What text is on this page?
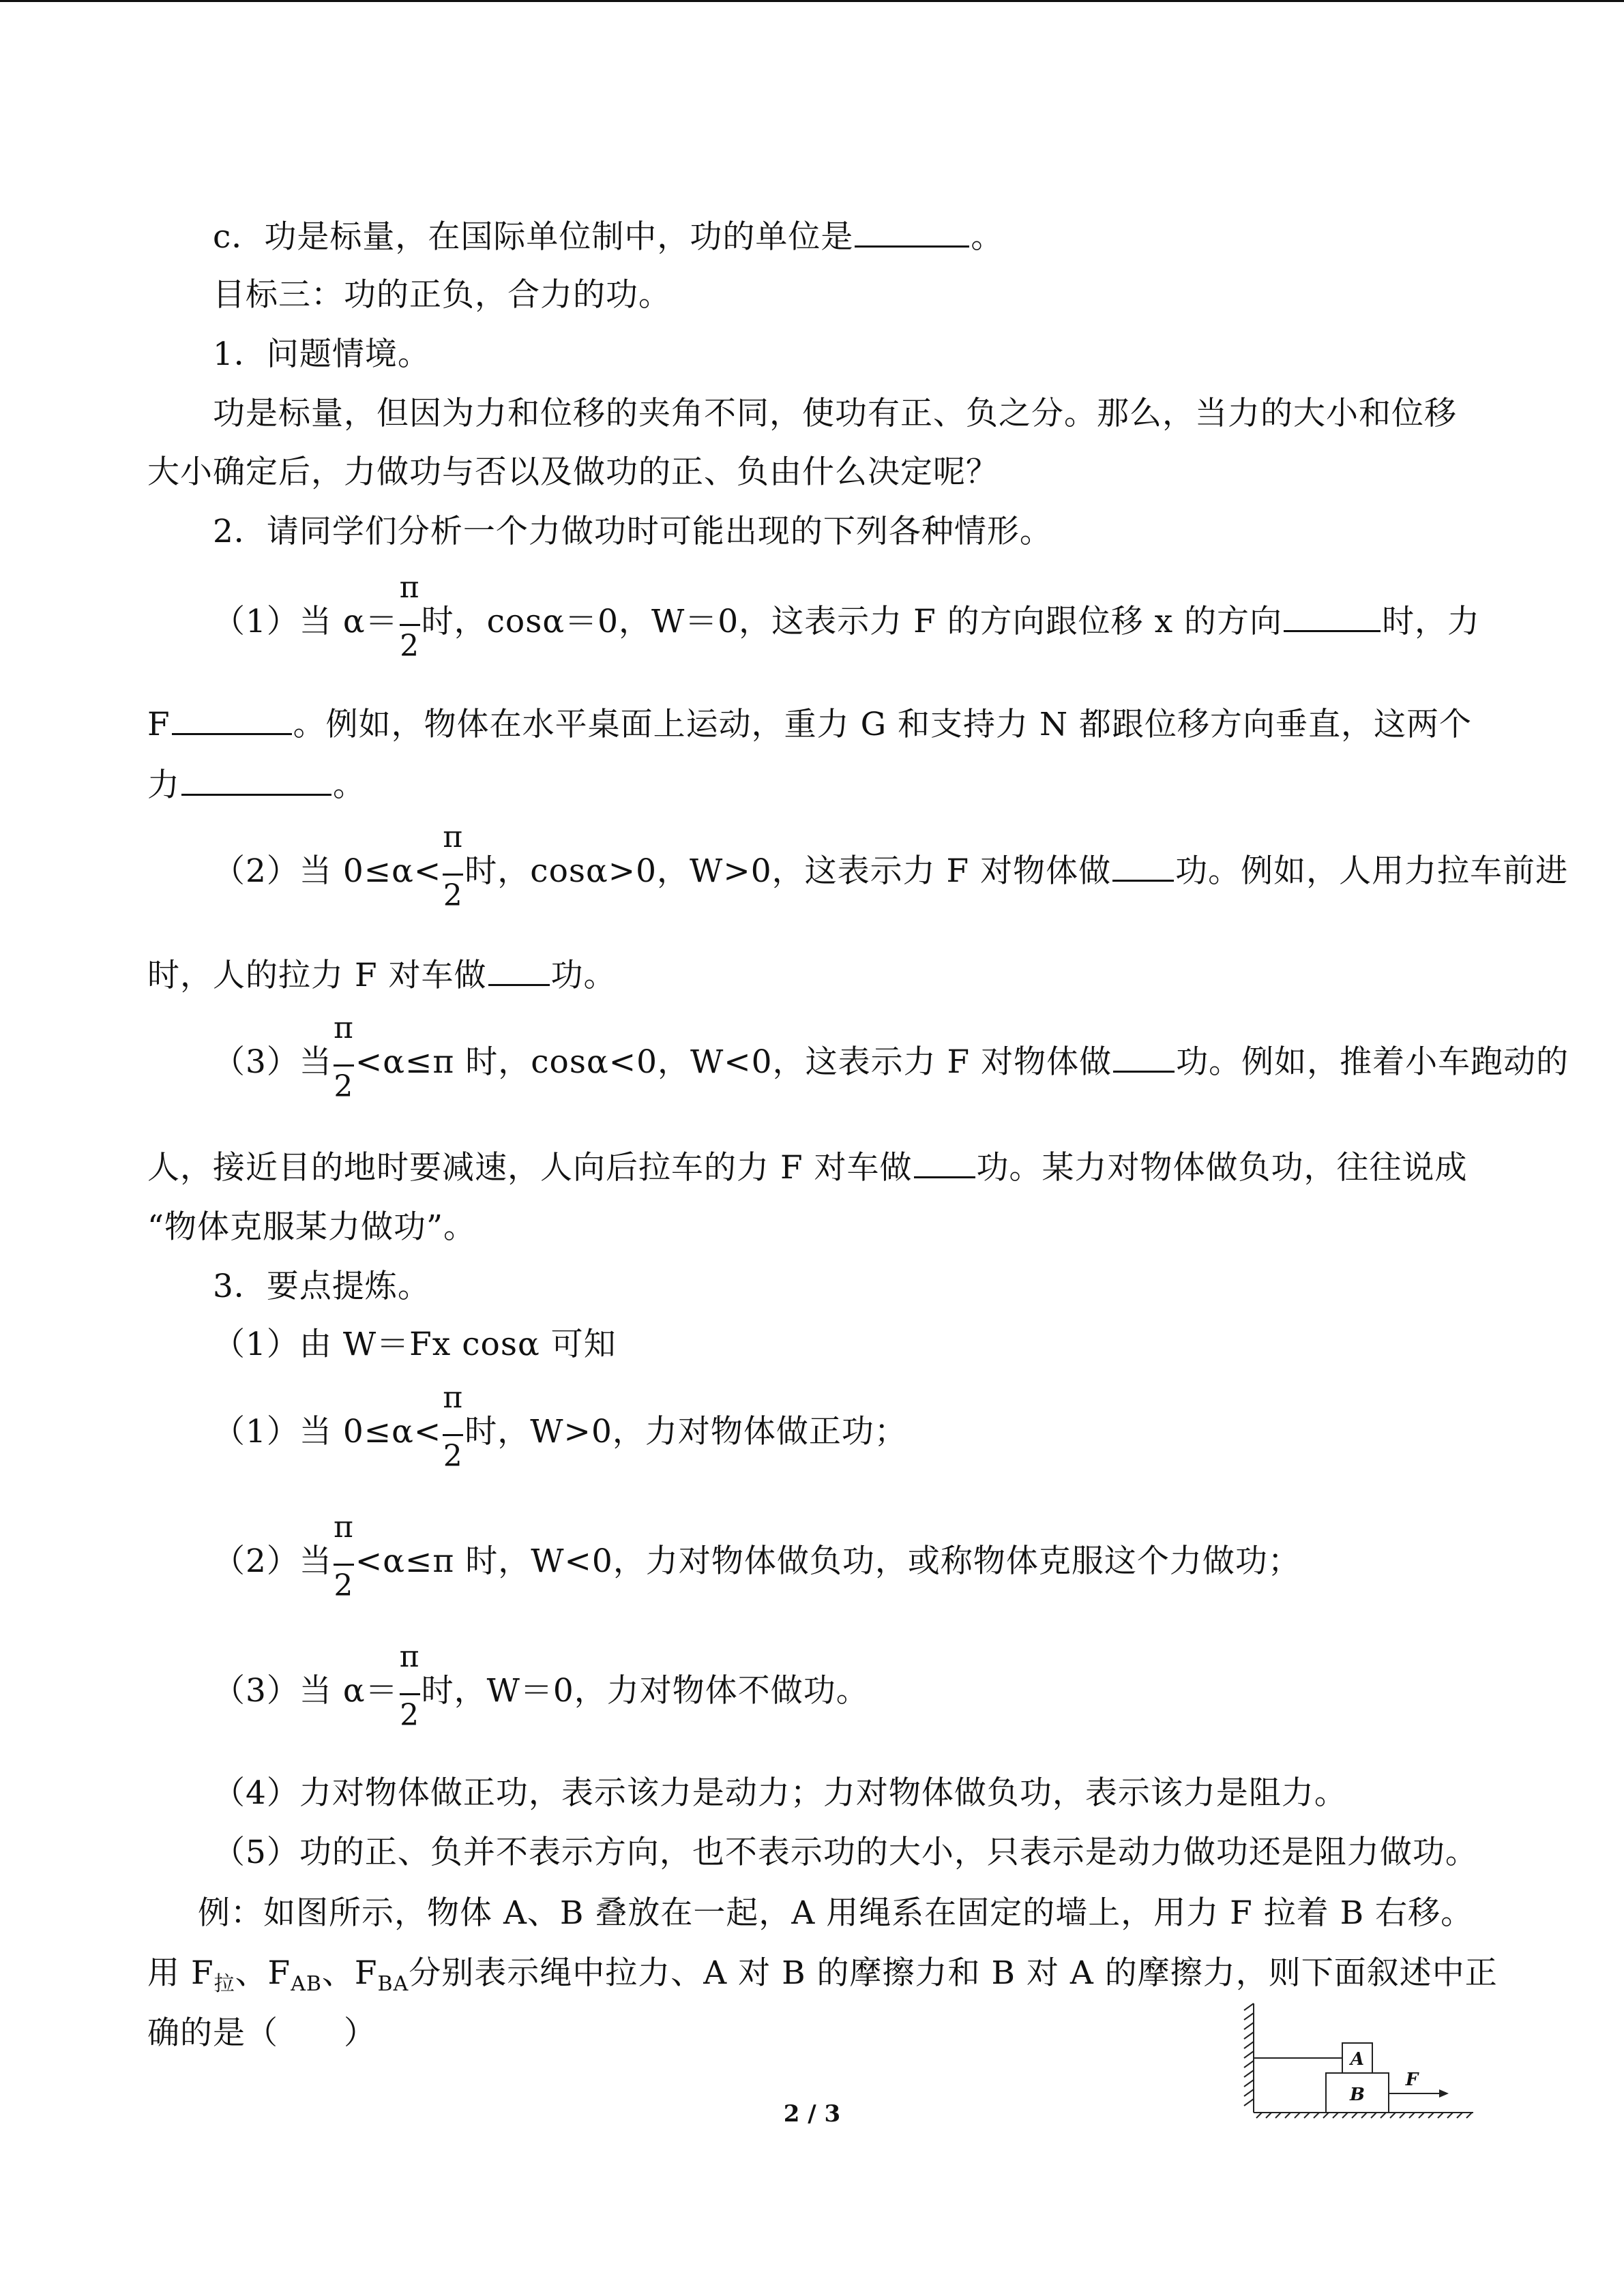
c．功是标量，在国际单位制中，功的单位是	。
目标三：功的正负，合力的功。
1．问题情境。
功是标量，但因为力和位移的夹角不同，使功有正、负之分。那么，当力的大小和位移
大小确定后，力做功与否以及做功的正、负由什么决定呢？
2．请同学们分析一个力做功时可能出现的下列各种情形。
（1）当 $\alpha= \frac{\pi}{2}$ 时，cosα＝0，W＝0，这表示力 F 的方向跟位移 x 的方向	时，力
F	。例如，物体在水平桌面上运动，重力 G 和支持力 N 都跟位移方向垂直，这两个
力	。
（2）当 $0\le\alpha< \frac{\pi}{2}$ 时，cosα>0，W>0，这表示力 F 对物体做 功。例如，人用力拉车前进
时，人的拉力 F 对车做 功。
（3）当 $\frac{\pi}{2} <\alpha\le\pi$ 时，cosα<0，W<0，这表示力 F 对物体做 功。例如，推着小车跑动的
人，接近目的地时要减速，人向后拉车的力 F 对车做 功。某力对物体做负功，往往说成
“物体克服某力做功”。
3．要点提炼。
（1）由 W＝Fx cosα 可知
（1）当 $0\le\alpha< \frac{\pi}{2}$ 时，W>0，力对物体做正功；
（2）当 $\frac{\pi}{2} <\alpha\le\pi$ 时，W<0，力对物体做负功，或称物体克服这个力做功；
（3）当 $\alpha= \frac{\pi}{2}$ 时，W＝0，力对物体不做功。
（4）力对物体做正功，表示该力是动力；力对物体做负功，表示该力是阻力。
（5）功的正、负并不表示方向，也不表示功的大小，只表示是动力做功还是阻力做功。
例：如图所示，物体 A、B 叠放在一起，A 用绳系在固定的墙上，用力 F 拉着 B 右移。
用 $F_拉$、$F_{AB}$、$F_{BA}$分别表示绳中拉力、A 对 B 的摩擦力和 B 对 A 的摩擦力，则下面叙述中正
确的是（　　）
A
B
F
2 / 3
